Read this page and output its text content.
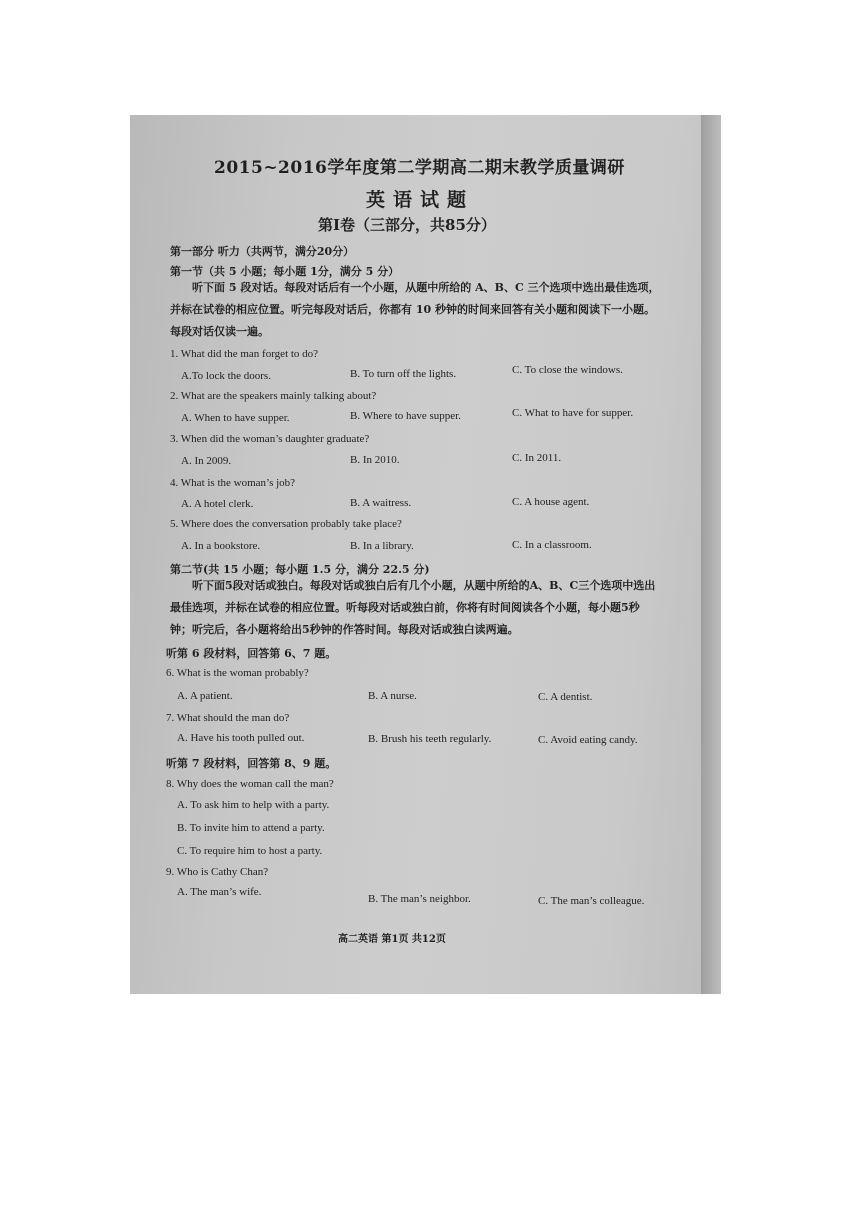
2015~2016学年度第二学期高二期末教学质量调研
英语试题
第Ⅰ卷（三部分，共85分）
第一部分 听力（共两节，满分20分）
第一节（共 5 小题；每小题 1分，满分 5 分）
听下面 5 段对话。每段对话后有一个小题，从题中所给的 A、B、C 三个选项中选出最佳选项，并标在试卷的相应位置。听完每段对话后，你都有 10 秒钟的时间来回答有关小题和阅读下一小题。每段对话仅读一遍。
1. What did the man forget to do?
A.To lock the doors.	B. To turn off the lights.	C. To close the windows.
2. What are the speakers mainly talking about?
A. When to have supper.	B. Where to have supper.	C. What to have for supper.
3. When did the woman’s daughter graduate?
A. In 2009.	B. In 2010.	C. In 2011.
4. What is the woman’s job?
A. A hotel clerk.	B. A waitress.	C. A house agent.
5. Where does the conversation probably take place?
A. In a bookstore.	B. In a library.	C. In a classroom.
第二节(共 15 小题；每小题 1.5 分，满分 22.5 分)
听下面5段对话或独白。每段对话或独白后有几个小题，从题中所给的A、B、C三个选项中选出最佳选项，并标在试卷的相应位置。听每段对话或独白前，你将有时间阅读各个小题，每小题5秒钟；听完后，各小题将给出5秒钟的作答时间。每段对话或独白读两遍。
听第 6 段材料，回答第 6、7 题。
6. What is the woman probably?
A. A patient.	B. A nurse.	C. A dentist.
7. What should the man do?
A. Have his tooth pulled out.	B. Brush his teeth regularly.	C. Avoid eating candy.
听第 7 段材料，回答第 8、9 题。
8. Why does the woman call the man?
A. To ask him to help with a party.
B. To invite him to attend a party.
C. To require him to host a party.
9. Who is Cathy Chan?
A. The man’s wife.
B. The man’s neighbor.	C. The man’s colleague.
高二英语 第1页 共12页
